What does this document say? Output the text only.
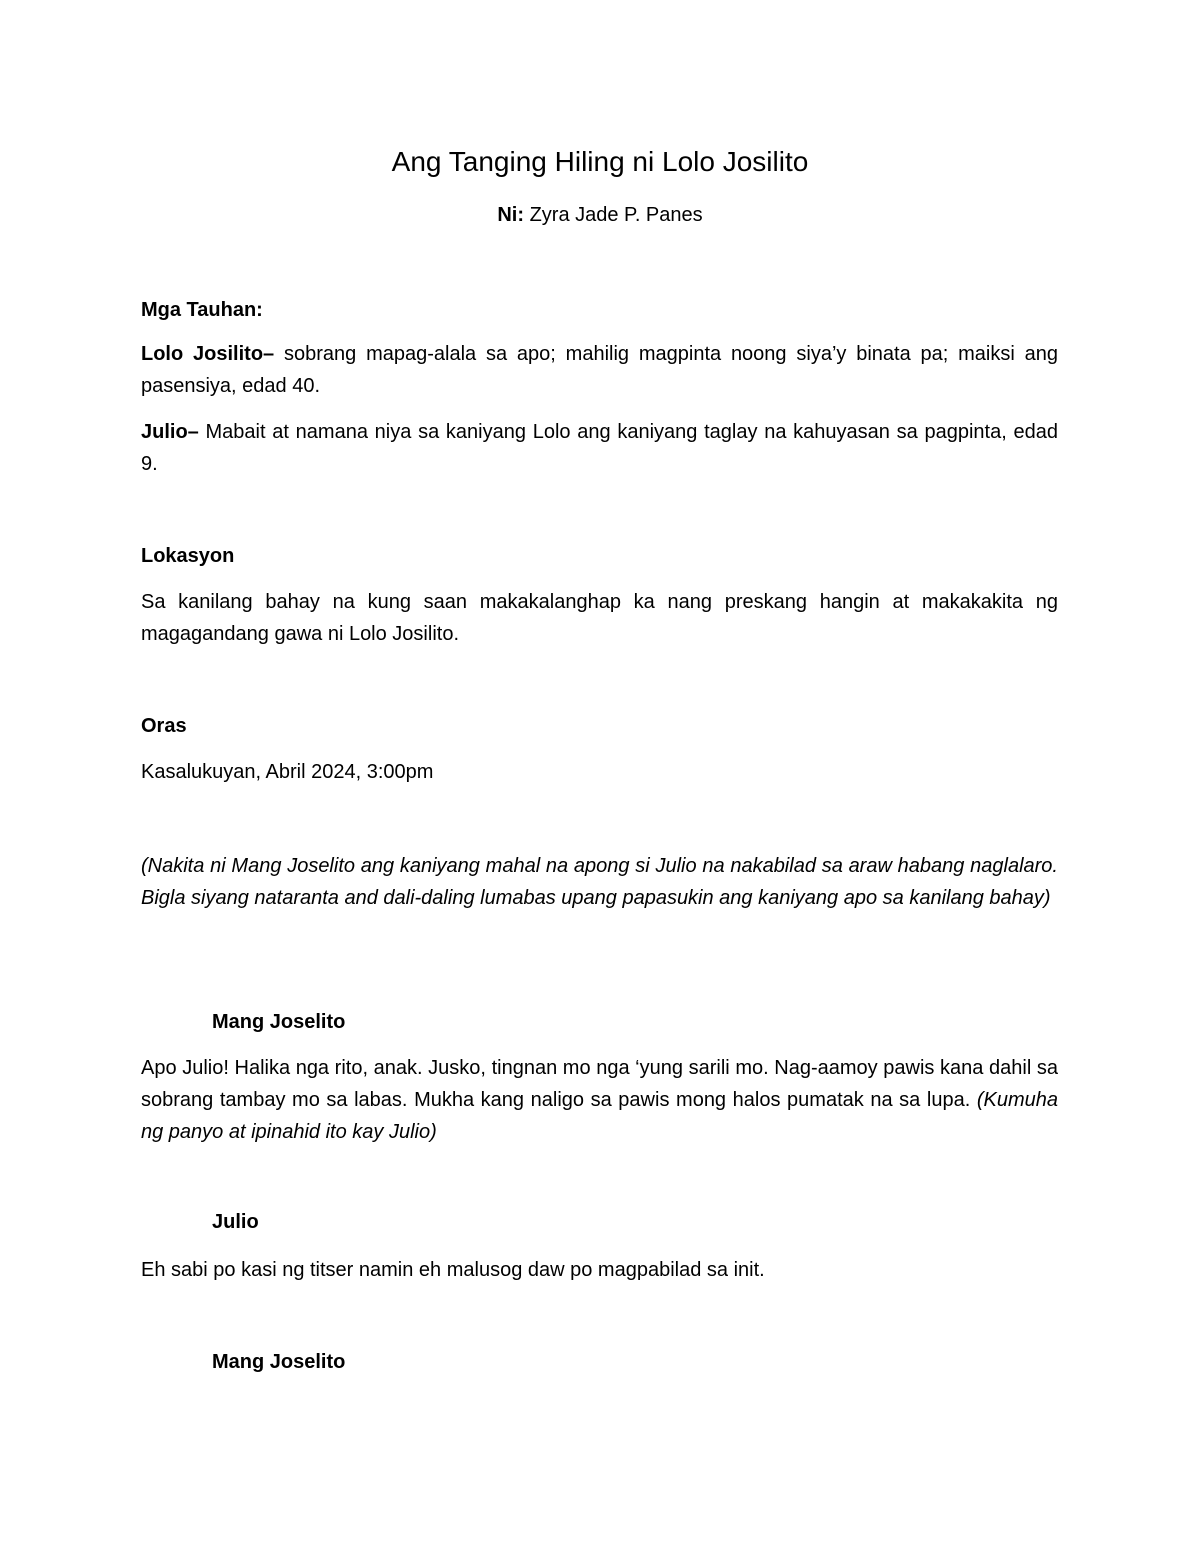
Ang Tanging Hiling ni Lolo Josilito
Ni: Zyra Jade P. Panes
Mga Tauhan:
Lolo Josilito– sobrang mapag-alala sa apo; mahilig magpinta noong siya’y binata pa; maiksi ang pasensiya, edad 40.
Julio– Mabait at namana niya sa kaniyang Lolo ang kaniyang taglay na kahuyasan sa pagpinta, edad 9.
Lokasyon
Sa kanilang bahay na kung saan makakalanghap ka nang preskang hangin at makakakita ng magagandang gawa ni Lolo Josilito.
Oras
Kasalukuyan, Abril 2024, 3:00pm
(Nakita ni Mang Joselito ang kaniyang mahal na apong si Julio na nakabilad sa araw habang naglalaro. Bigla siyang nataranta and dali-daling lumabas upang papasukin ang kaniyang apo sa kanilang bahay)
Mang Joselito
Apo Julio! Halika nga rito, anak. Jusko, tingnan mo nga ‘yung sarili mo. Nag-aamoy pawis kana dahil sa sobrang tambay mo sa labas. Mukha kang naligo sa pawis mong halos pumatak na sa lupa. (Kumuha ng panyo at ipinahid ito kay Julio)
Julio
Eh sabi po kasi ng titser namin eh malusog daw po magpabilad sa init.
Mang Joselito
